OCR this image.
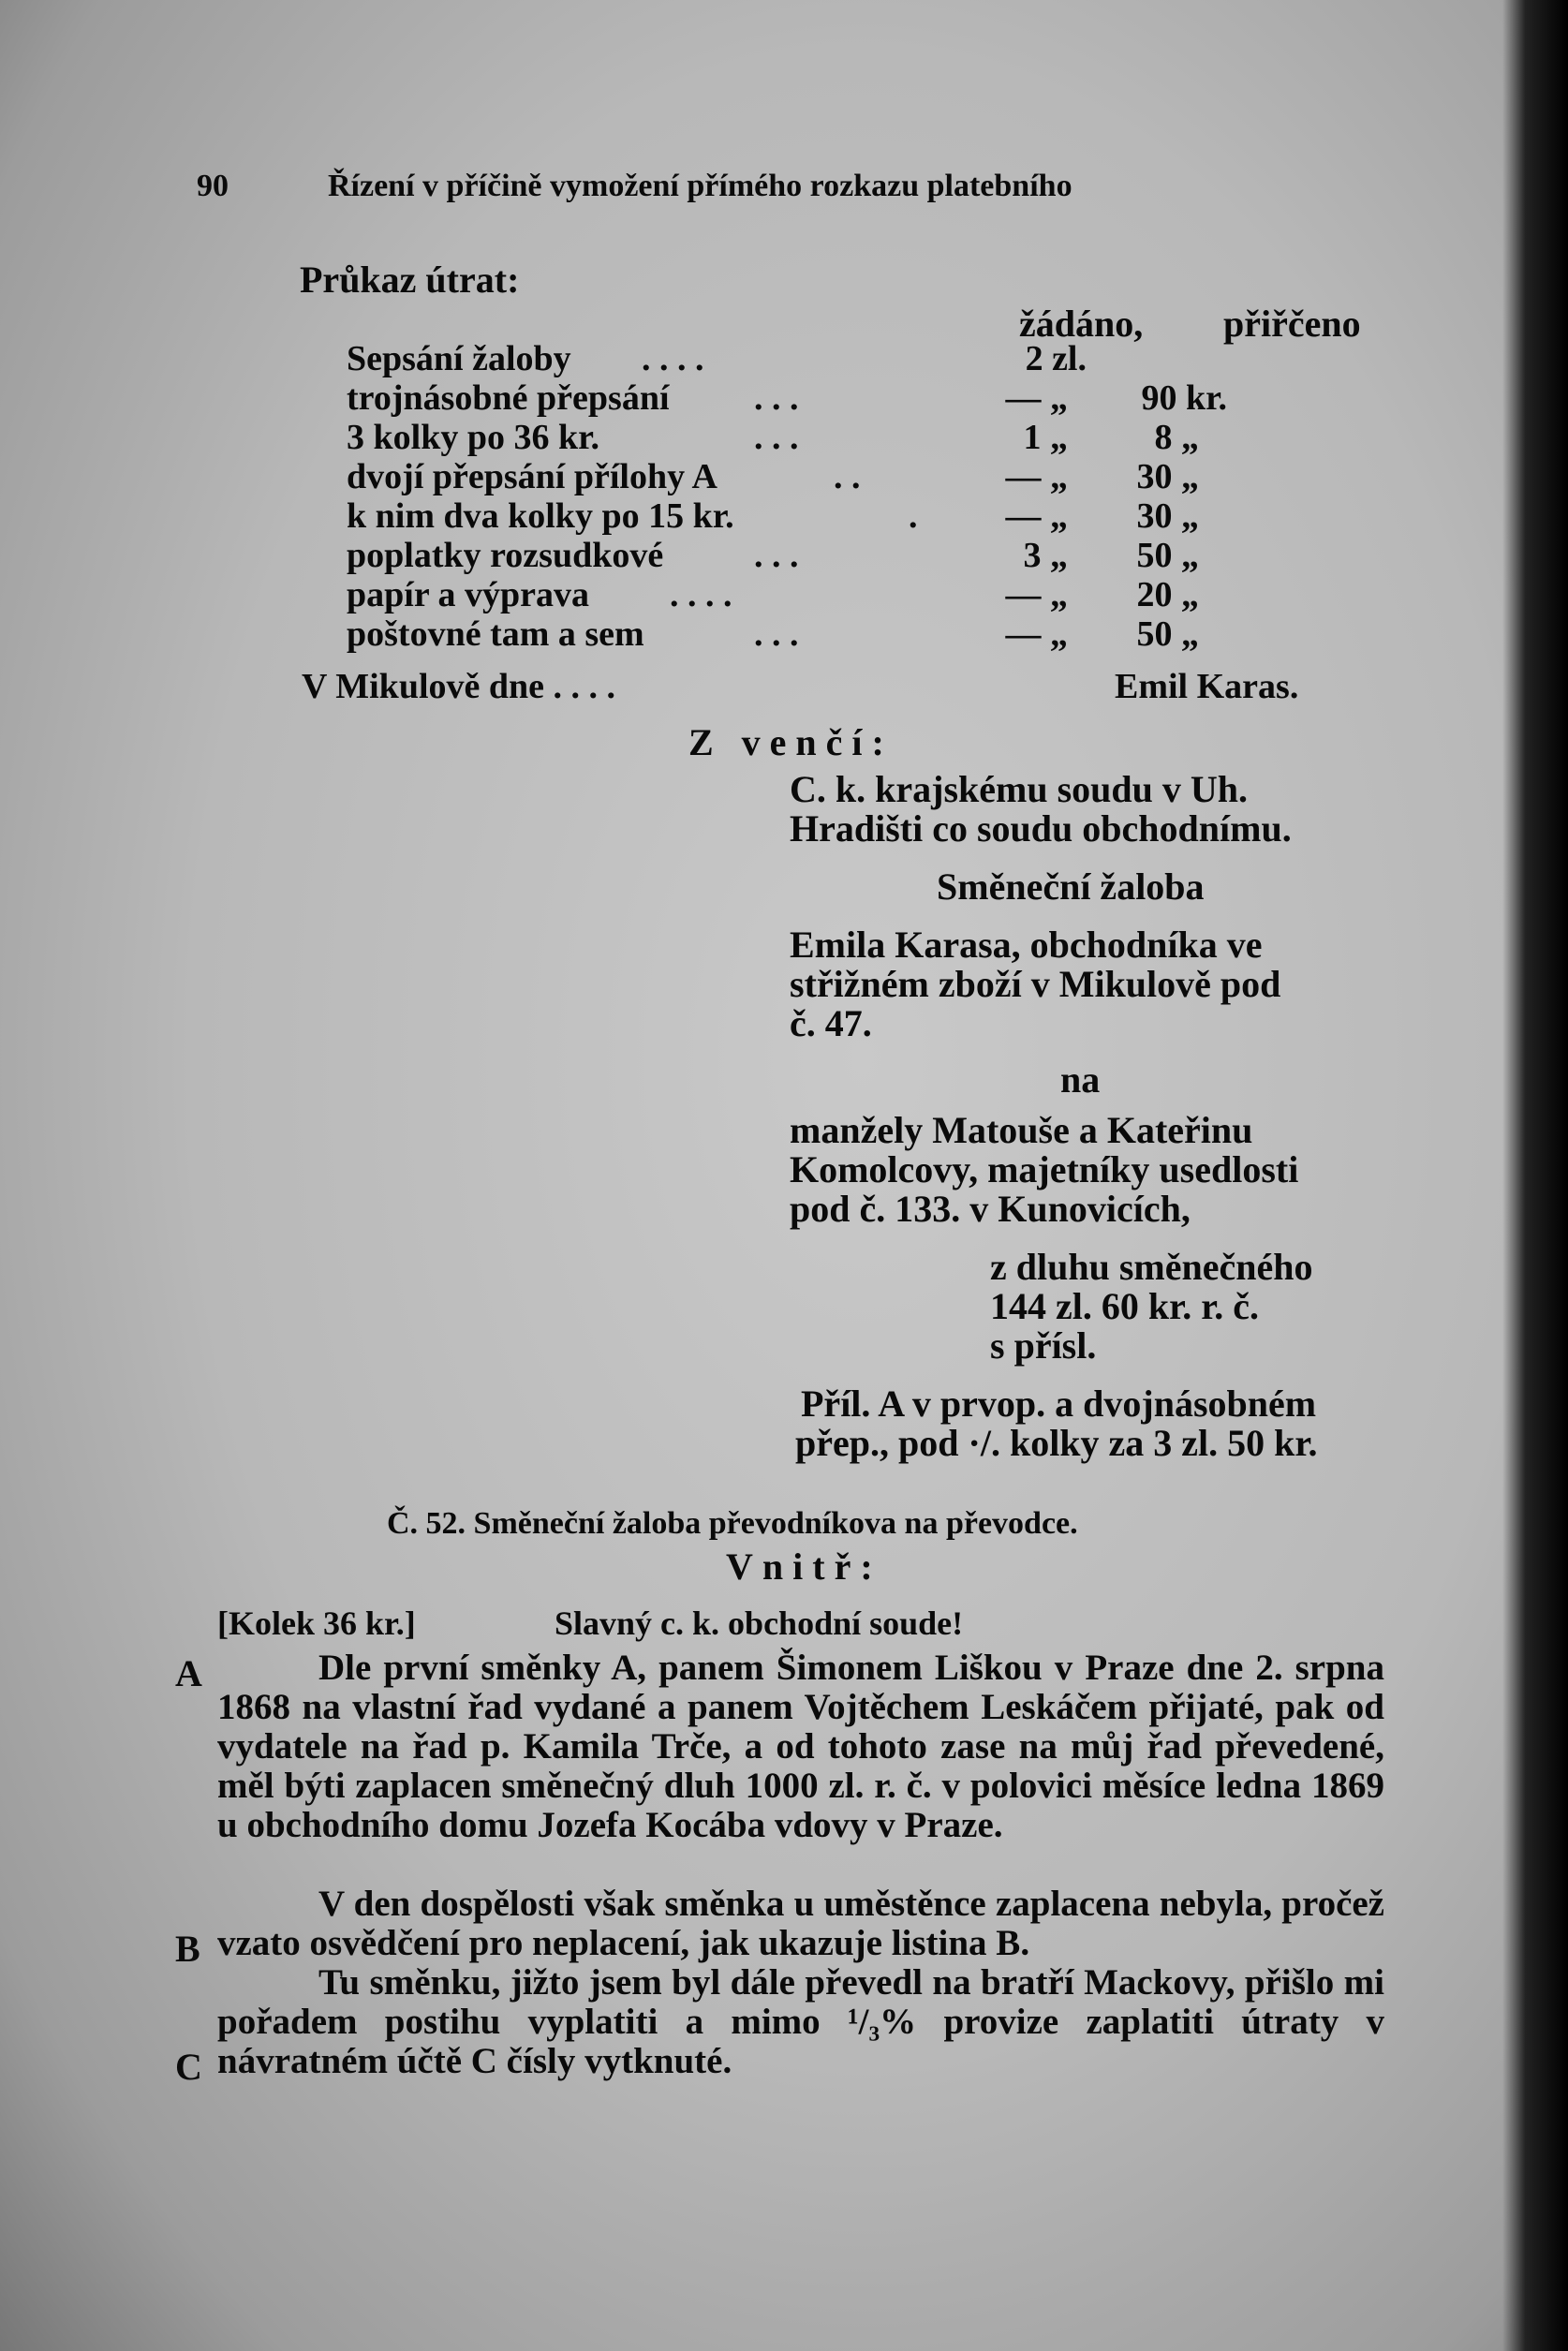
90	Řízení v příčině vymožení přímého rozkazu platebního
Průkaz útrat:
žádáno, přiřčeno
Sepsání žaloby . . . .	2 zl.
trojnásobné přepsání . . .	— „	90 kr.
3 kolky po 36 kr.	. . .	1 „	8 „
dvojí přepsání přílohy A	. .	— „	30 „
k nim dva kolky po 15 kr.	.	— „	30 „
poplatky rozsudkové	. . .	3 „	50 „
papír a výprava . . . .	— „	20 „
poštovné tam a sem	. . .	— „	50 „
V Mikulově dne . . . .	Emil Karas.
Z venčí:
C. k. krajskému soudu v Uh.
Hradišti co soudu obchodnímu.
Směneční žaloba
Emila Karasa, obchodníka ve
střižném zboží v Mikulově pod
č. 47.
na
manžely Matouše a Kateřinu
Komolcovy, majetníky usedlosti
pod č. 133. v Kunovicích,
z dluhu směnečného
144 zl. 60 kr. r. č.
s přísl.
Příl. A v prvop. a dvojnásobném
přep., pod ·/. kolky za 3 zl. 50 kr.
Č. 52. Směneční žaloba převodníkova na převodce.
Vnitř:
[Kolek 36 kr.]	Slavný c. k. obchodní soude!
A
B
C
Dle první směnky A, panem Šimonem Liškou v Praze dne 2. srpna 1868 na vlastní řad vydané a panem Vojtěchem Leskáčem přijaté, pak od vydatele na řad p. Kamila Trče, a od tohoto zase na můj řad převedené, měl býti zaplacen směnečný dluh 1000 zl. r. č. v polovici měsíce ledna 1869 u obchodního domu Jozefa Kocába vdovy v Praze.
V den dospělosti však směnka u uměstěnce zaplacena nebyla, pročež vzato osvědčení pro neplacení, jak ukazuje listina B.
Tu směnku, jižto jsem byl dále převedl na bratří Mackovy, přišlo mi pořadem postihu vyplatiti a mimo ¹/₃% provize zaplatiti útraty v návratném účtě C čísly vytknuté.
